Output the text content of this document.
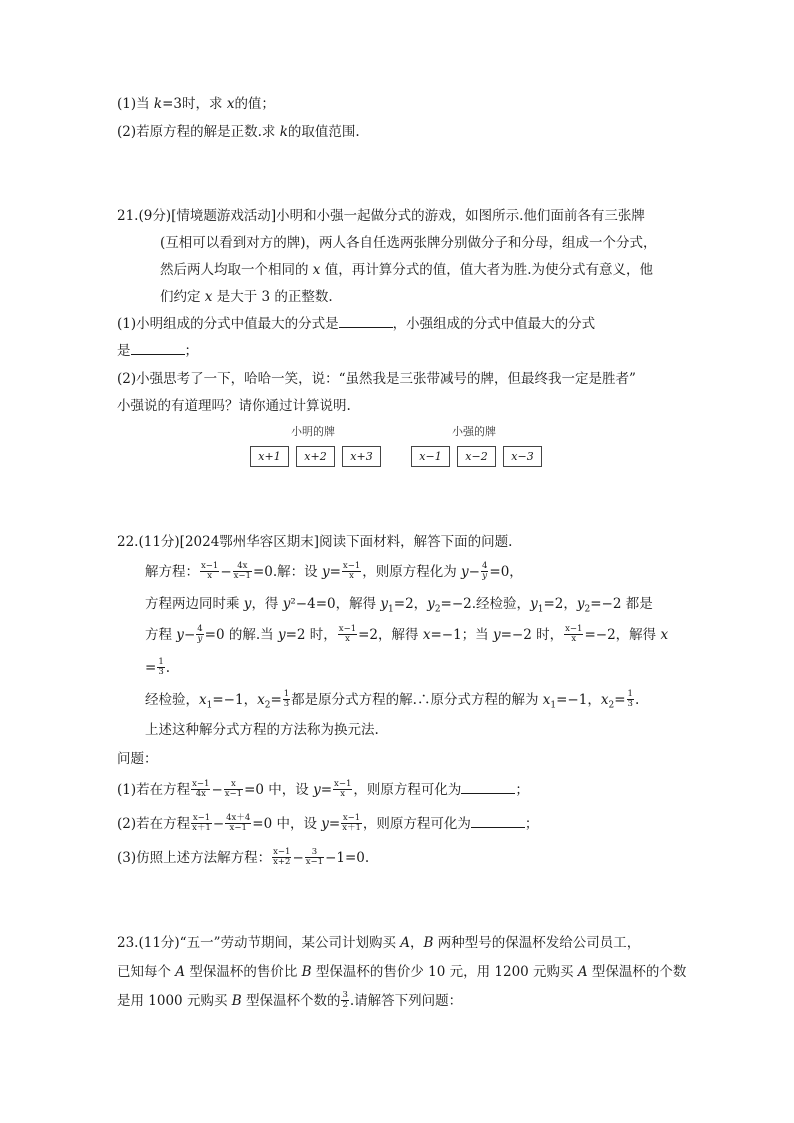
(1)当 k=3时，求 x的值；
(2)若原方程的解是正数.求 k的取值范围.
21.(9分)[情境题游戏活动]小明和小强一起做分式的游戏，如图所示.他们面前各有三张牌
(互相可以看到对方的牌)，两人各自任选两张牌分别做分子和分母，组成一个分式，
然后两人均取一个相同的 x 值，再计算分式的值，值大者为胜.为使分式有意义，他
们约定 x 是大于 3 的正整数.
(1)小明组成的分式中值最大的分式是	，小强组成的分式中值最大的分式
是	；
(2)小强思考了一下，哈哈一笑，说：“虽然我是三张带减号的牌，但最终我一定是胜者”
小强说的有道理吗？请你通过计算说明.
小明的牌	小强的牌
x+1	x+2	x+3	x−1	x−2	x−3
22.(11分)[2024鄂州华容区期末]阅读下面材料，解答下面的问题.
解方程： $\frac{x-1}{x} - \frac{4x}{x-1} =0$.解：设 $y= \frac{x-1}{x}$ ，则原方程化为 $y- \frac{4}{y} =0$，
方程两边同时乘 y，得 y²−4=0，解得 $y_1=2$，$y_2=-2$.经检验，$y_1=2$，$y_2=-2$ 都是
方程 $y- \frac{4}{y} =0$ 的解.当 y=2 时， $\frac{x-1}{x} =2$，解得 x=−1；当 y=−2 时， $\frac{x-1}{x} =-2$，解得 x
= $\frac{1}{3}$ .
经检验，$x_1=-1$，$x_2= \frac{1}{3}$ 都是原分式方程的解.∴原分式方程的解为 $x_1=-1$，$x_2= \frac{1}{3}$ .
上述这种解分式方程的方法称为换元法.
问题：
(1)若在方程 $\frac{x-1}{4x} - \frac{x}{x-1} =0$ 中，设 $y= \frac{x-1}{x}$ ，则原方程可化为	；
(2)若在方程 $\frac{x-1}{x+1} - \frac{4x+4}{x-1} =0$ 中，设 $y= \frac{x-1}{x+1}$ ，则原方程可化为	；
(3)仿照上述方法解方程： $\frac{x-1}{x+2} - \frac{3}{x-1} -1=0$.
23.(11分)“五一”劳动节期间，某公司计划购买 A，B 两种型号的保温杯发给公司员工，
已知每个 A 型保温杯的售价比 B 型保温杯的售价少 10 元，用 1200 元购买 A 型保温杯的个数
是用 1000 元购买 B 型保温杯个数的 $\frac{3}{2}$ .请解答下列问题：
